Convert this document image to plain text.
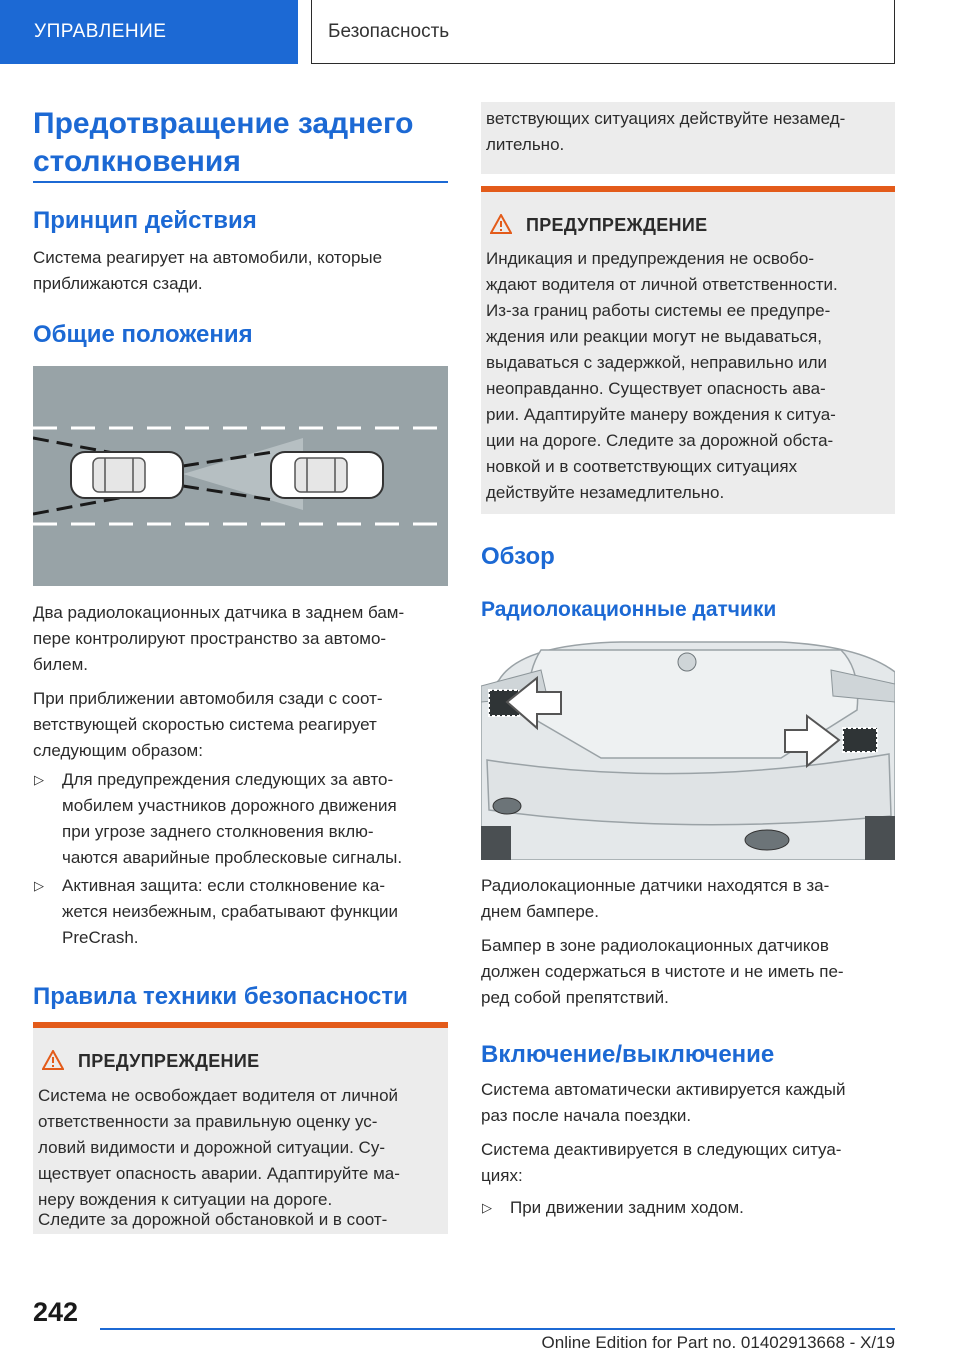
УПРАВЛЕНИЕ	Безопасность
Предотвращение заднего
столкновения
Принцип действия
Система реагирует на автомобили, которые
приближаются сзади.
Общие положения
Два радиолокационных датчика в заднем бам-
пере контролируют пространство за автомо-
билем.
При приближении автомобиля сзади с соот-
ветствующей скоростью система реагирует
следующим образом:
▷ Для предупреждения следующих за авто-
мобилем участников дорожного движения
при угрозе заднего столкновения вклю-
чаются аварийные проблесковые сигналы.
▷ Активная защита: если столкновение ка-
жется неизбежным, срабатывают функции
PreCrash.
Правила техники безопасности
ПРЕДУПРЕЖДЕНИЕ
Система не освобождает водителя от личной
ответственности за правильную оценку ус-
ловий видимости и дорожной ситуации. Су-
ществует опасность аварии. Адаптируйте ма-
неру вождения к ситуации на дороге.
Следите за дорожной обстановкой и в соот-
ветствующих ситуациях действуйте незамед-
лительно.
ПРЕДУПРЕЖДЕНИЕ
Индикация и предупреждения не освобо-
ждают водителя от личной ответственности.
Из-за границ работы системы ее предупре-
ждения или реакции могут не выдаваться,
выдаваться с задержкой, неправильно или
неоправданно. Существует опасность ава-
рии. Адаптируйте манеру вождения к ситуа-
ции на дороге. Следите за дорожной обста-
новкой и в соответствующих ситуациях
действуйте незамедлительно.
Обзор
Радиолокационные датчики
Радиолокационные датчики находятся в за-
днем бампере.
Бампер в зоне радиолокационных датчиков
должен содержаться в чистоте и не иметь пе-
ред собой препятствий.
Включение/выключение
Система автоматически активируется каждый
раз после начала поездки.
Система деактивируется в следующих ситуа-
циях:
▷ При движении задним ходом.
242
Online Edition for Part no. 01402913668 - X/19
